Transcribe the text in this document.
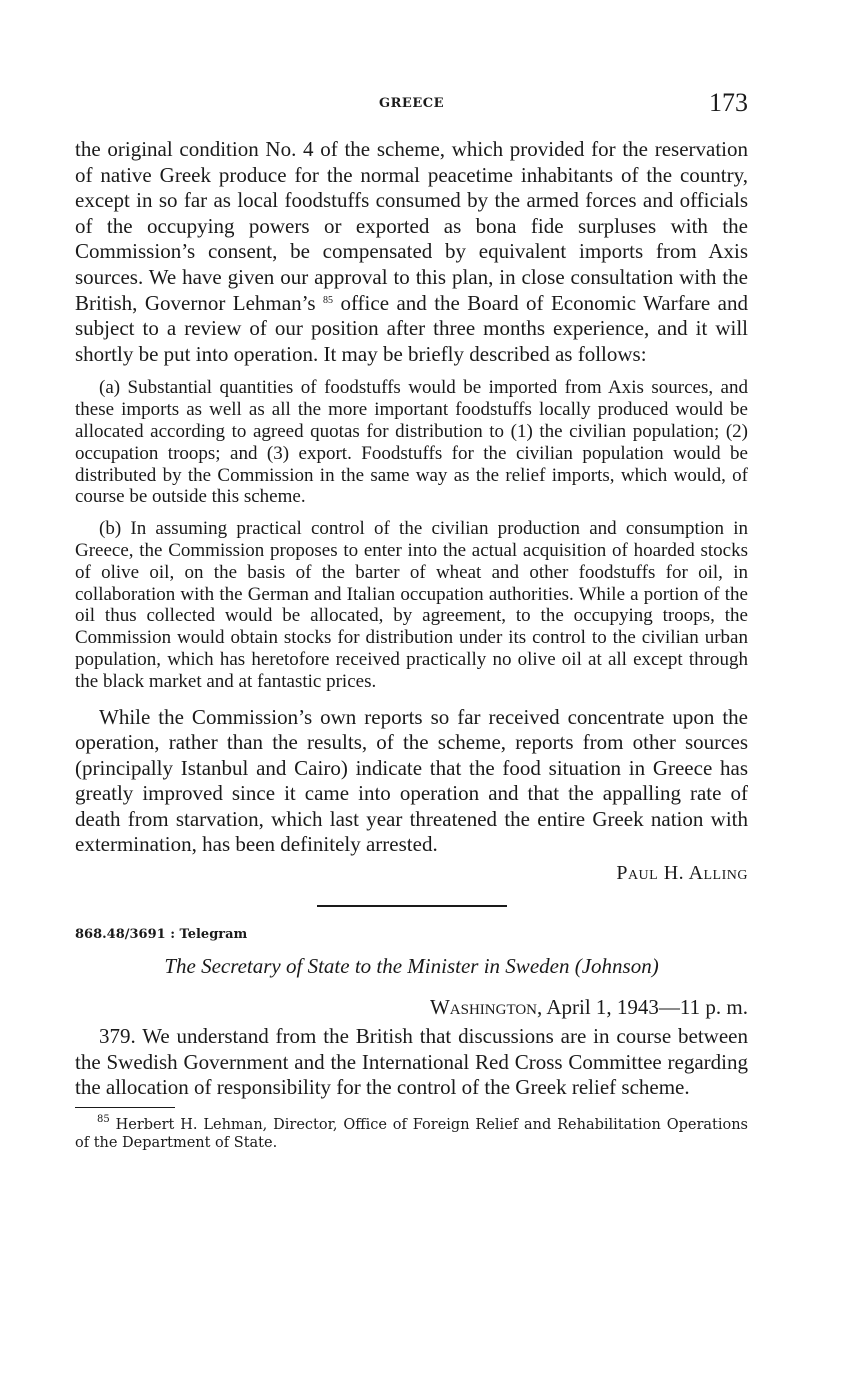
GREECE	173

the original condition No. 4 of the scheme, which provided for the reservation of native Greek produce for the normal peacetime inhabitants of the country, except in so far as local foodstuffs consumed by the armed forces and officials of the occupying powers or exported as bona fide surpluses with the Commission’s consent, be compensated by equivalent imports from Axis sources. We have given our approval to this plan, in close consultation with the British, Governor Lehman’s $^{85}$ office and the Board of Economic Warfare and subject to a review of our position after three months experience, and it will shortly be put into operation. It may be briefly described as follows:

(a) Substantial quantities of foodstuffs would be imported from Axis sources, and these imports as well as all the more important foodstuffs locally produced would be allocated according to agreed quotas for distribution to (1) the civilian population; (2) occupation troops; and (3) export. Foodstuffs for the civilian population would be distributed by the Commission in the same way as the relief imports, which would, of course be outside this scheme.

(b) In assuming practical control of the civilian production and consumption in Greece, the Commission proposes to enter into the actual acquisition of hoarded stocks of olive oil, on the basis of the barter of wheat and other foodstuffs for oil, in collaboration with the German and Italian occupation authorities. While a portion of the oil thus collected would be allocated, by agreement, to the occupying troops, the Commission would obtain stocks for distribution under its control to the civilian urban population, which has heretofore received practically no olive oil at all except through the black market and at fantastic prices.

While the Commission’s own reports so far received concentrate upon the operation, rather than the results, of the scheme, reports from other sources (principally Istanbul and Cairo) indicate that the food situation in Greece has greatly improved since it came into operation and that the appalling rate of death from starvation, which last year threatened the entire Greek nation with extermination, has been definitely arrested.

Paul H. Alling
868.48/3691 : Telegram
The Secretary of State to the Minister in Sweden (Johnson)
Washington, April 1, 1943—11 p. m.

379. We understand from the British that discussions are in course between the Swedish Government and the International Red Cross Committee regarding the allocation of responsibility for the control of the Greek relief scheme.

$^{85}$ Herbert H. Lehman, Director, Office of Foreign Relief and Rehabilitation Operations of the Department of State.
